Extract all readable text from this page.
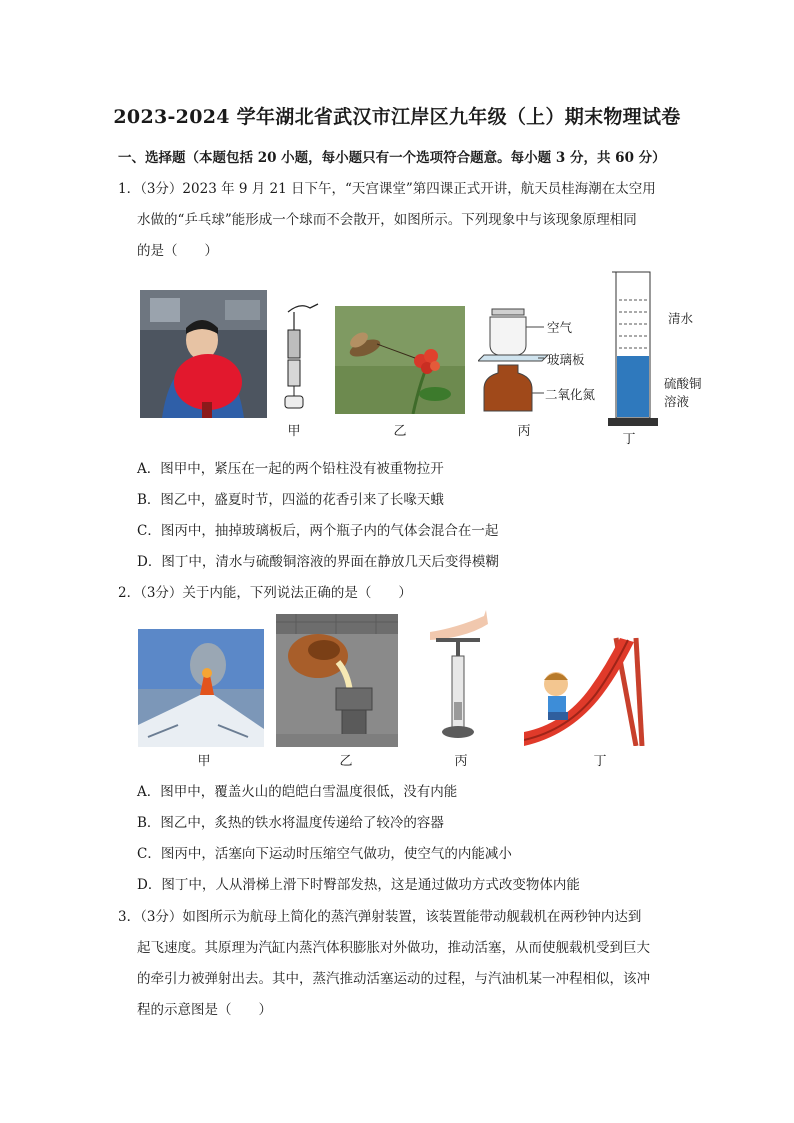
2023-2024 学年湖北省武汉市江岸区九年级（上）期末物理试卷
一、选择题（本题包括 20 小题，每小题只有一个选项符合题意。每小题 3 分，共 60 分）
1．（3分）2023 年 9 月 21 日下午，“天宫课堂”第四课正式开讲，航天员桂海潮在太空用
水做的“乒乓球”能形成一个球而不会散开，如图所示。下列现象中与该现象原理相同
的是（　　）
甲	乙
空气
玻璃板
二氧化氮
丙
清水
硫酸铜
溶液
丁
A．图甲中，紧压在一起的两个铅柱没有被重物拉开
B．图乙中，盛夏时节，四溢的花香引来了长喙天蛾
C．图丙中，抽掉玻璃板后，两个瓶子内的气体会混合在一起
D．图丁中，清水与硫酸铜溶液的界面在静放几天后变得模糊
2．（3分）关于内能，下列说法正确的是（　　）
甲	乙	丙	丁
A．图甲中，覆盖火山的皑皑白雪温度很低，没有内能
B．图乙中，炙热的铁水将温度传递给了较冷的容器
C．图丙中，活塞向下运动时压缩空气做功，使空气的内能减小
D．图丁中，人从滑梯上滑下时臀部发热，这是通过做功方式改变物体内能
3．（3分）如图所示为航母上简化的蒸汽弹射装置，该装置能带动舰载机在两秒钟内达到
起飞速度。其原理为汽缸内蒸汽体积膨胀对外做功，推动活塞，从而使舰载机受到巨大
的牵引力被弹射出去。其中，蒸汽推动活塞运动的过程，与汽油机某一冲程相似，该冲
程的示意图是（　　）
